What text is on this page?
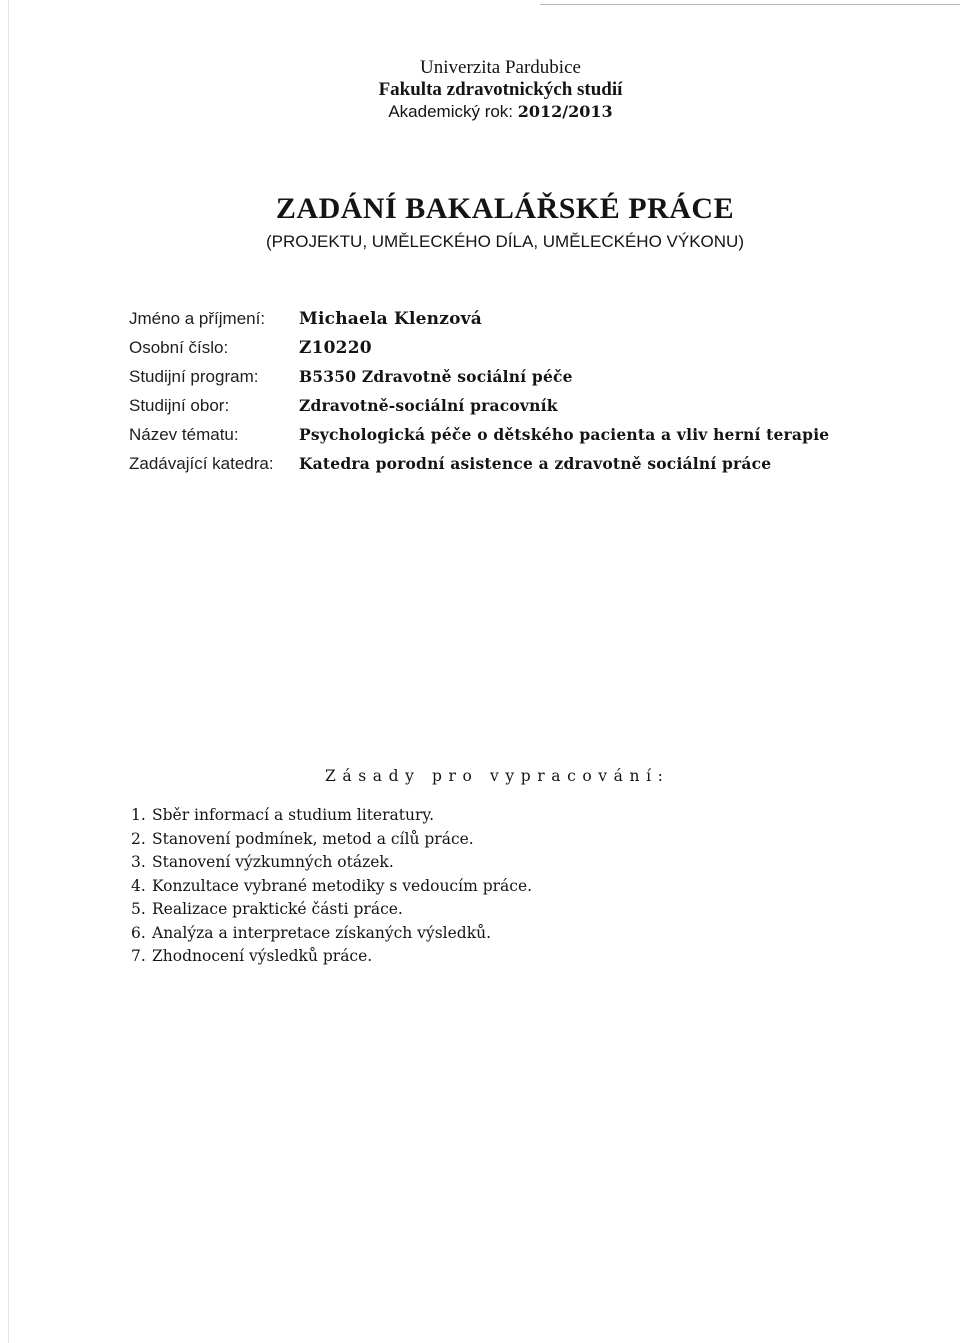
Univerzita Pardubice
Fakulta zdravotnických studií
Akademický rok: 2012/2013
ZADÁNÍ BAKALÁŘSKÉ PRÁCE
(PROJEKTU, UMĚLECKÉHO DÍLA, UMĚLECKÉHO VÝKONU)
Jméno a příjmení:	Michaela Klenzová
Osobní číslo:	Z10220
Studijní program:	B5350 Zdravotně sociální péče
Studijní obor:	Zdravotně-sociální pracovník
Název tématu:	Psychologická péče o dětského pacienta a vliv herní terapie
Zadávající katedra:	Katedra porodní asistence a zdravotně sociální práce
Zásady pro vypracování:
1. Sběr informací a studium literatury.
2. Stanovení podmínek, metod a cílů práce.
3. Stanovení výzkumných otázek.
4. Konzultace vybrané metodiky s vedoucím práce.
5. Realizace praktické části práce.
6. Analýza a interpretace získaných výsledků.
7. Zhodnocení výsledků práce.
